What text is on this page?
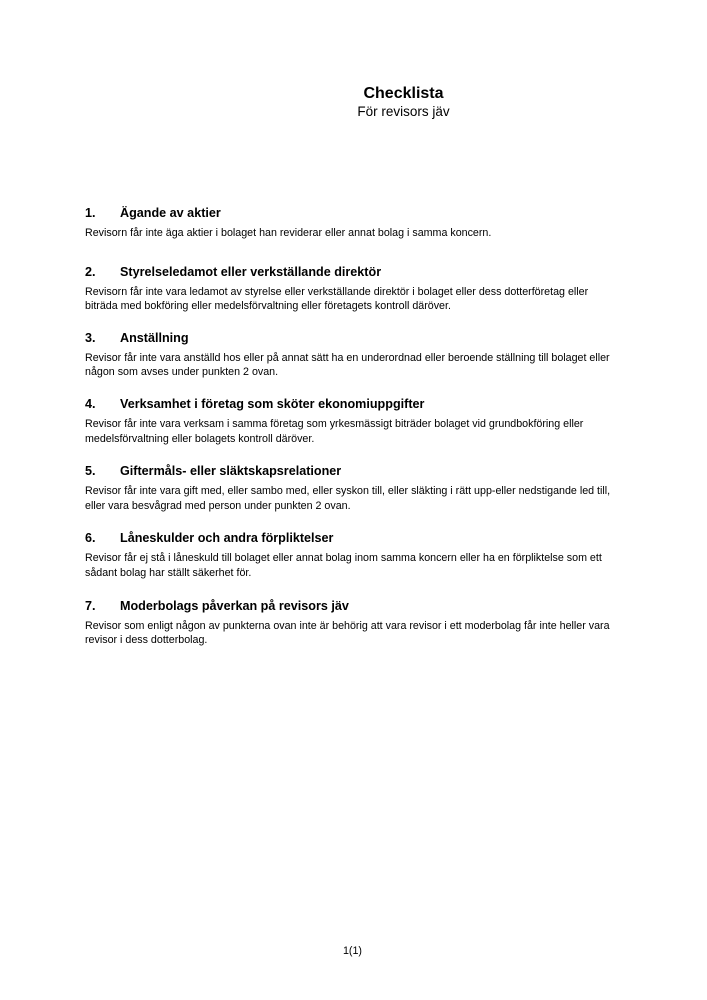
Checklista
För revisors jäv
1.	Ägande av aktier

Revisorn får inte äga aktier i bolaget han reviderar eller annat bolag i samma koncern.

2.	Styrelseledamot eller verkställande direktör

Revisorn får inte vara ledamot av styrelse eller verkställande direktör i bolaget eller dess dotterföretag eller biträda med bokföring eller medelsförvaltning eller företagets kontroll däröver.

3.	Anställning

Revisor får inte vara anställd hos eller på annat sätt ha en underordnad eller beroende ställning till bolaget eller någon som avses under punkten 2 ovan.

4.	Verksamhet i företag som sköter ekonomiuppgifter

Revisor får inte vara verksam i samma företag som yrkesmässigt biträder bolaget vid grundbokföring eller medelsförvaltning eller bolagets kontroll däröver.

5.	Giftermåls- eller släktskapsrelationer

Revisor får inte vara gift med, eller sambo med, eller syskon till, eller släkting i rätt upp-eller nedstigande led till, eller vara besvågrad med person under punkten 2 ovan.

6.	Låneskulder och andra förpliktelser

Revisor får ej stå i låneskuld till bolaget eller annat bolag inom samma koncern eller ha en förpliktelse som ett sådant bolag har ställt säkerhet för.

7.	Moderbolags påverkan på revisors jäv

Revisor som enligt någon av punkterna ovan inte är behörig att vara revisor i ett moderbolag får inte heller vara revisor i dess dotterbolag.

1(1)
